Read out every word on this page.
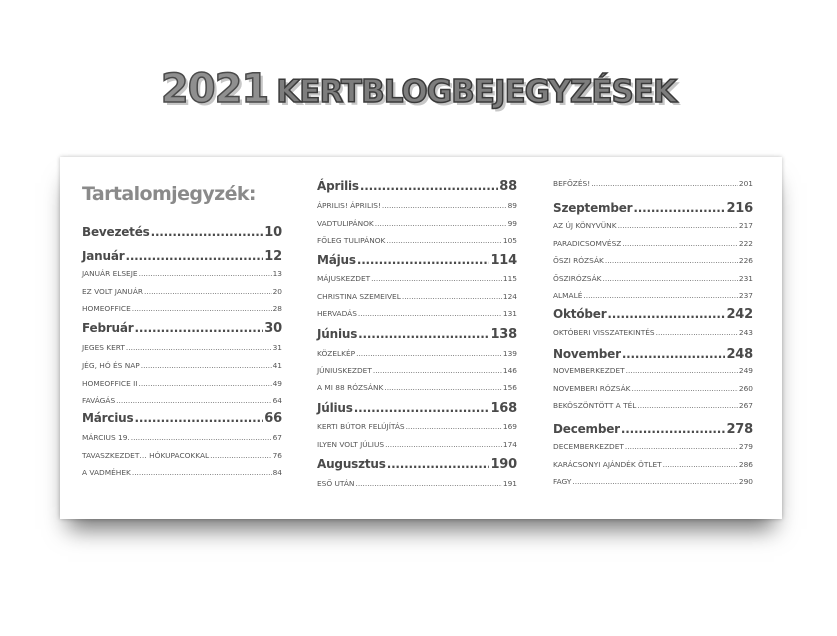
2021 KERTBLOGBEJEGYZÉSEK
Tartalomjegyzék:
Bevezetés .....	10
Január .....	12
JANUÁR ELSEJE .....	13
EZ VOLT JANUÁR .....	20
HOMEOFFICE .....	28
Február .....	30
JEGES KERT .....	31
JÉG, HÓ ÉS NAP .....	41
HOMEOFFICE II .....	49
FAVÁGÁS .....	64
Március .....	66
MÁRCIUS 19. .....	67
TAVASZKEZDET… HÓKUPACOKKAL .....	76
A VADMÉHEK .....	84
Április .....	88
ÁPRILIS! ÁPRILIS! .....	89
VADTULIPÁNOK .....	99
FŐLEG TULIPÁNOK .....	105
Május .....	114
MÁJUSKEZDET .....	115
CHRISTINA SZEMEIVEL .....	124
HERVADÁS .....	131
Június .....	138
KÖZELKÉP .....	139
JÚNIUSKEZDET .....	146
A MI 88 RÓZSÁNK .....	156
Július .....	168
KERTI BÚTOR FELÚJÍTÁS .....	169
ILYEN VOLT JÚLIUS .....	174
Augusztus .....	190
ESŐ UTÁN .....	191
BEFŐZÉS! .....	201
Szeptember .....	216
AZ ÚJ KÖNYVÜNK .....	217
PARADICSOMVÉSZ .....	222
ŐSZI RÓZSÁK .....	226
ŐSZIRÓZSÁK .....	231
ALMALÉ .....	237
Október .....	242
OKTÓBERI VISSZATEKINTÉS .....	243
November .....	248
NOVEMBERKEZDET .....	249
NOVEMBERI RÓZSÁK .....	260
BEKÖSZÖNTÖTT A TÉL .....	267
December .....	278
DECEMBERKEZDET .....	279
KARÁCSONYI AJÁNDÉK ÖTLET .....	286
FAGY .....	290
